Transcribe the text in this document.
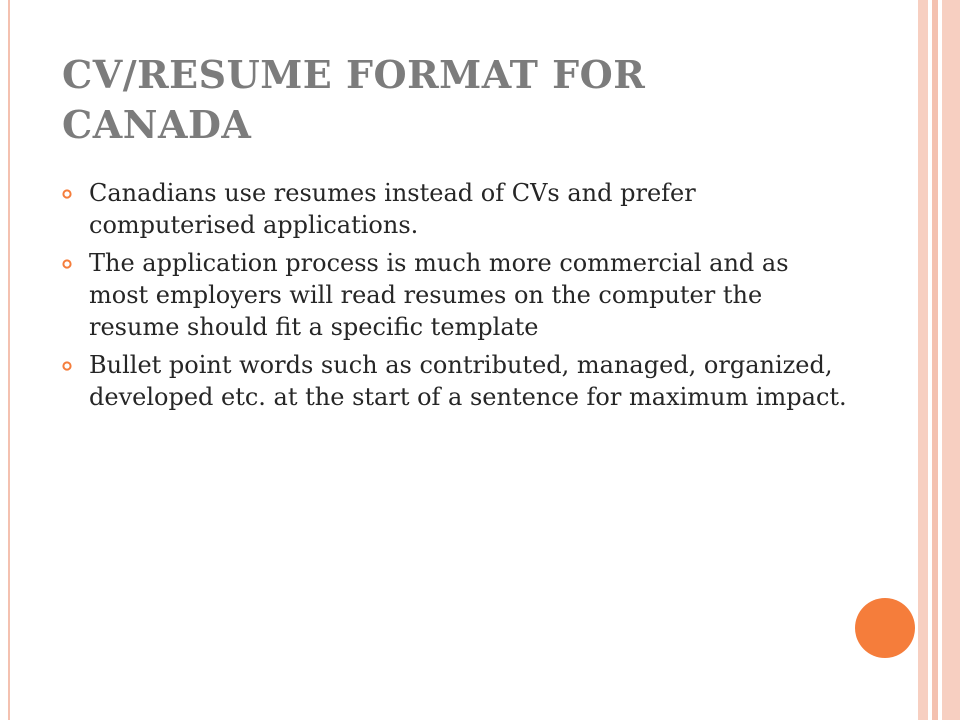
CV/RESUME FORMAT FOR CANADA
Canadians use resumes instead of CVs and prefer computerised applications.
The application process is much more commercial and as most employers will read resumes on the computer the resume should fit a specific template
Bullet point words such as contributed, managed, organized, developed etc. at the start of a sentence for maximum impact.
